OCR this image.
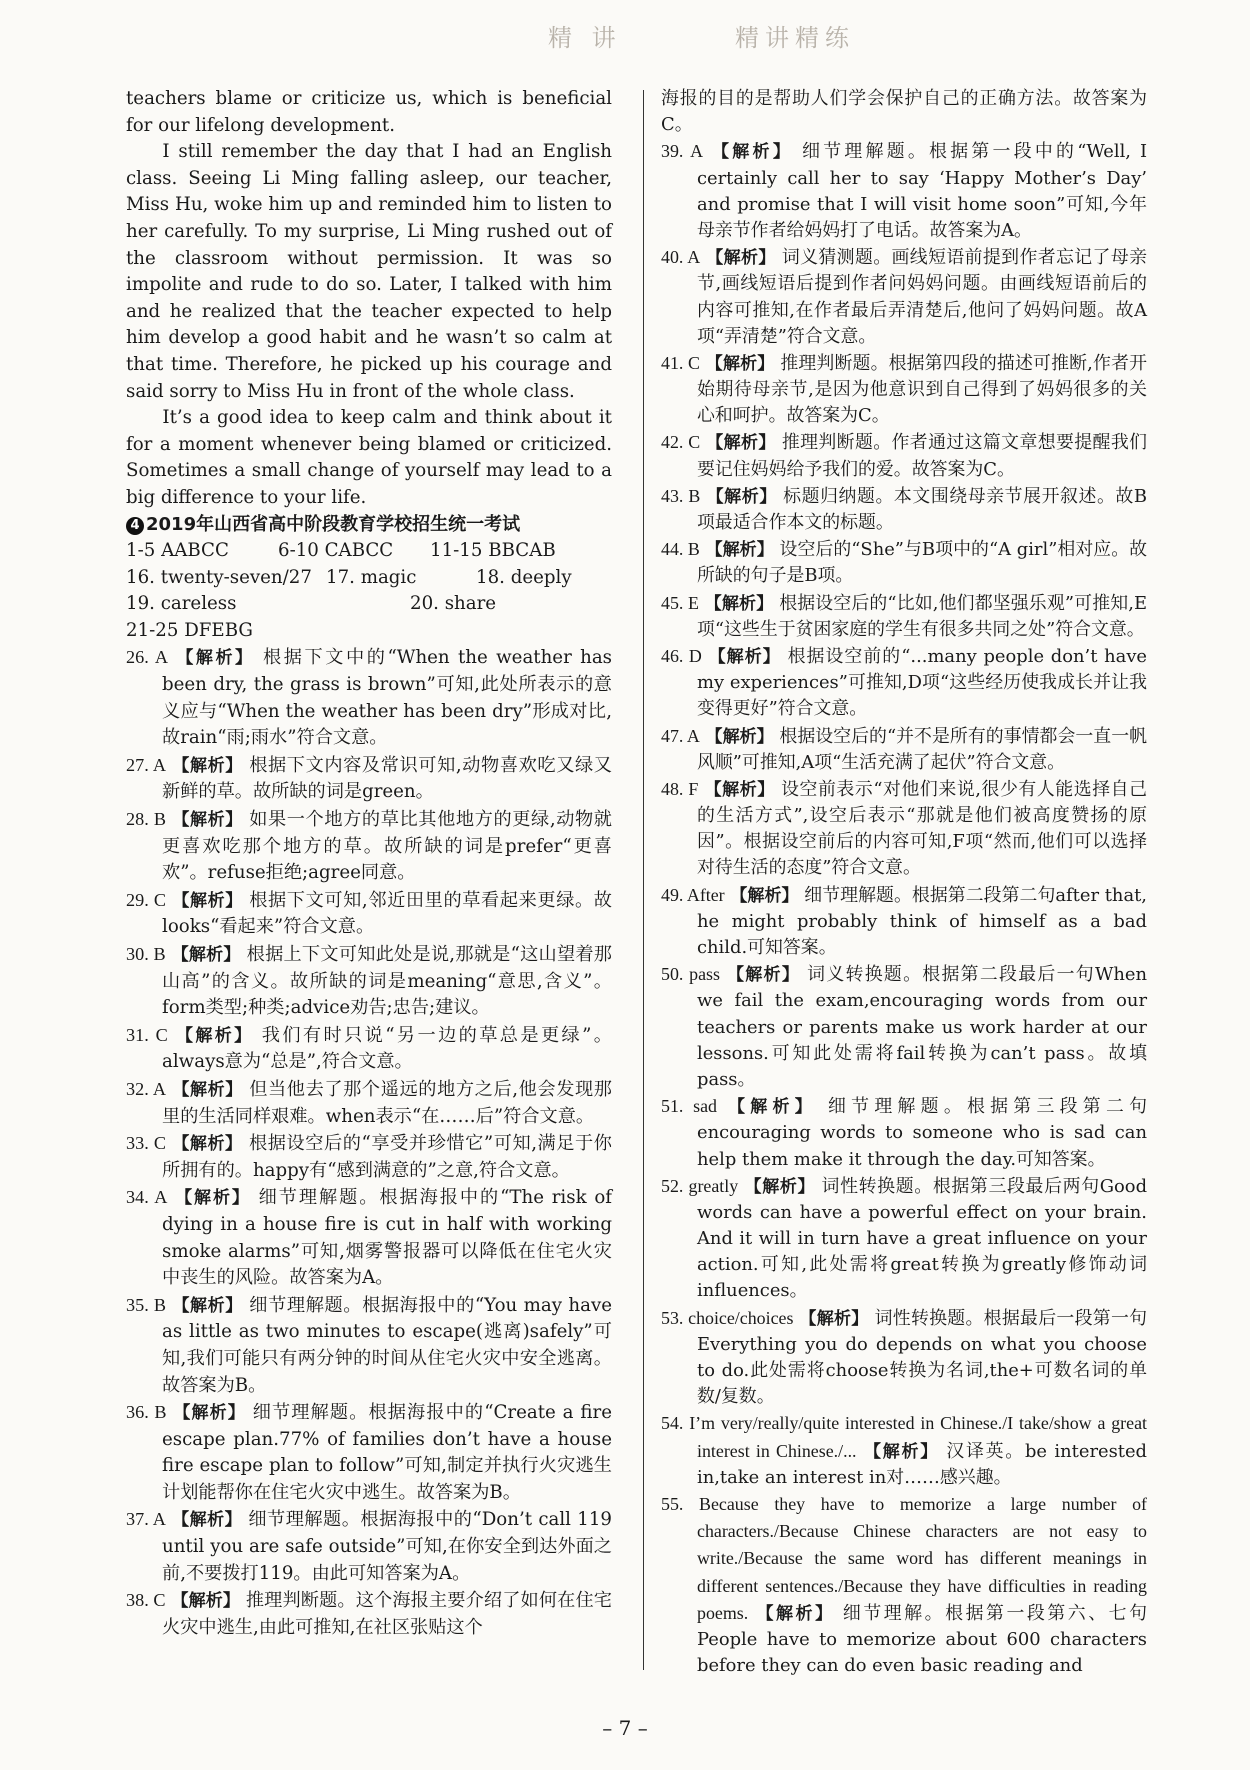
精 讲	精讲精练

teachers blame or criticize us, which is beneficial for our lifelong development.

I still remember the day that I had an English class. Seeing Li Ming falling asleep, our teacher, Miss Hu, woke him up and reminded him to listen to her carefully. To my surprise, Li Ming rushed out of the classroom without permission. It was so impolite and rude to do so. Later, I talked with him and he realized that the teacher expected to help him develop a good habit and he wasn’t so calm at that time. Therefore, he picked up his courage and said sorry to Miss Hu in front of the whole class.

It’s a good idea to keep calm and think about it for a moment whenever being blamed or criticized. Sometimes a small change of yourself may lead to a big difference to your life.

4 2019年山西省高中阶段教育学校招生统一考试

1-5 AABCC	6-10 CABCC 11-15 BBCAB
16. twenty-seven/27 17. magic	18. deeply
19. careless	20. share
21-25 DFEBG

26. A 【解析】 根据下文中的“When the weather has been dry, the grass is brown”可知,此处所表示的意义应与“When the weather has been dry”形成对比,故rain“雨;雨水”符合文意。

27. A 【解析】 根据下文内容及常识可知,动物喜欢吃又绿又新鲜的草。故所缺的词是green。

28. B 【解析】 如果一个地方的草比其他地方的更绿,动物就更喜欢吃那个地方的草。故所缺的词是prefer“更喜欢”。refuse拒绝;agree同意。

29. C 【解析】 根据下文可知,邻近田里的草看起来更绿。故looks“看起来”符合文意。

30. B 【解析】 根据上下文可知此处是说,那就是“这山望着那山高”的含义。故所缺的词是meaning“意思,含义”。form类型;种类;advice劝告;忠告;建议。

31. C 【解析】 我们有时只说“另一边的草总是更绿”。always意为“总是”,符合文意。

32. A 【解析】 但当他去了那个遥远的地方之后,他会发现那里的生活同样艰难。when表示“在……后”符合文意。

33. C 【解析】 根据设空后的“享受并珍惜它”可知,满足于你所拥有的。happy有“感到满意的”之意,符合文意。

34. A 【解析】 细节理解题。根据海报中的“The risk of dying in a house fire is cut in half with working smoke alarms”可知,烟雾警报器可以降低在住宅火灾中丧生的风险。故答案为A。

35. B 【解析】 细节理解题。根据海报中的“You may have as little as two minutes to escape(逃离)safely”可知,我们可能只有两分钟的时间从住宅火灾中安全逃离。故答案为B。

36. B 【解析】 细节理解题。根据海报中的“Create a fire escape plan.77% of families don’t have a house fire escape plan to follow”可知,制定并执行火灾逃生计划能帮你在住宅火灾中逃生。故答案为B。

37. A 【解析】 细节理解题。根据海报中的“Don’t call 119 until you are safe outside”可知,在你安全到达外面之前,不要拨打119。由此可知答案为A。

38. C 【解析】 推理判断题。这个海报主要介绍了如何在住宅火灾中逃生,由此可推知,在社区张贴这个

海报的目的是帮助人们学会保护自己的正确方法。故答案为C。

39. A 【解析】 细节理解题。根据第一段中的“Well, I certainly call her to say ‘Happy Mother’s Day’ and promise that I will visit home soon”可知,今年母亲节作者给妈妈打了电话。故答案为A。

40. A 【解析】 词义猜测题。画线短语前提到作者忘记了母亲节,画线短语后提到作者问妈妈问题。由画线短语前后的内容可推知,在作者最后弄清楚后,他问了妈妈问题。故A项“弄清楚”符合文意。

41. C 【解析】 推理判断题。根据第四段的描述可推断,作者开始期待母亲节,是因为他意识到自己得到了妈妈很多的关心和呵护。故答案为C。

42. C 【解析】 推理判断题。作者通过这篇文章想要提醒我们要记住妈妈给予我们的爱。故答案为C。

43. B 【解析】 标题归纳题。本文围绕母亲节展开叙述。故B项最适合作本文的标题。

44. B 【解析】 设空后的“She”与B项中的“A girl”相对应。故所缺的句子是B项。

45. E 【解析】 根据设空后的“比如,他们都坚强乐观”可推知,E项“这些生于贫困家庭的学生有很多共同之处”符合文意。

46. D 【解析】 根据设空前的“...many people don’t have my experiences”可推知,D项“这些经历使我成长并让我变得更好”符合文意。

47. A 【解析】 根据设空后的“并不是所有的事情都会一直一帆风顺”可推知,A项“生活充满了起伏”符合文意。

48. F 【解析】 设空前表示“对他们来说,很少有人能选择自己的生活方式”,设空后表示“那就是他们被高度赞扬的原因”。根据设空前后的内容可知,F项“然而,他们可以选择对待生活的态度”符合文意。

49. After 【解析】 细节理解题。根据第二段第二句after that, he might probably think of himself as a bad child.可知答案。

50. pass 【解析】 词义转换题。根据第二段最后一句When we fail the exam,encouraging words from our teachers or parents make us work harder at our lessons.可知此处需将fail转换为can’t pass。故填pass。

51. sad 【解析】 细节理解题。根据第三段第二句encouraging words to someone who is sad can help them make it through the day.可知答案。

52. greatly 【解析】 词性转换题。根据第三段最后两句Good words can have a powerful effect on your brain. And it will in turn have a great influence on your action.可知,此处需将great转换为greatly修饰动词influences。

53. choice/choices 【解析】 词性转换题。根据最后一段第一句Everything you do depends on what you choose to do.此处需将choose转换为名词,the+可数名词的单数/复数。

54. I’m very/really/quite interested in Chinese./I take/show a great interest in Chinese./... 【解析】 汉译英。be interested in,take an interest in对……感兴趣。

55. Because they have to memorize a large number of characters./Because Chinese characters are not easy to write./Because the same word has different meanings in different sentences./Because they have difficulties in reading poems. 【解析】 细节理解。根据第一段第六、七句People have to memorize about 600 characters before they can do even basic reading and

– 7 –
